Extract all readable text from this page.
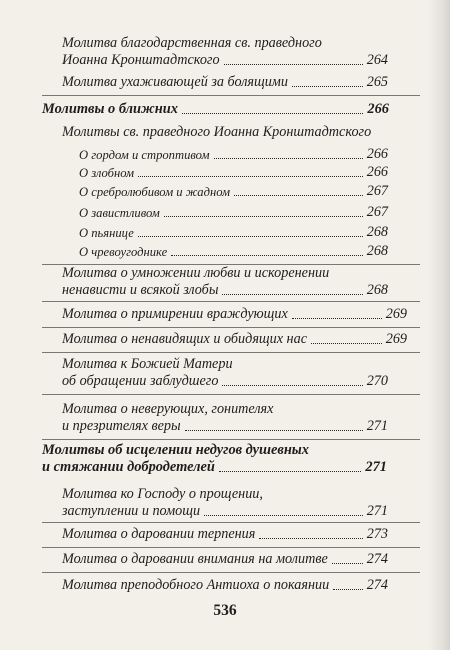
Молитва благодарственная св. праведного
Иоанна Кронштадтского	264
Молитва ухаживающей за болящими	265
Молитвы о ближних	266
Молитвы св. праведного Иоанна Кронштадтского
О гордом и строптивом	266
О злобном	266
О сребролюбивом и жадном	267
О завистливом	267
О пьянице	268
О чревоугоднике	268
Молитва о умножении любви и искоренении
ненависти и всякой злобы	268
Молитва о примирении враждующих	269
Молитва о ненавидящих и обидящих нас	269
Молитва к Божией Матери
об обращении заблудшего	270
Молитва о неверующих, гонителях
и презрителях веры	271
Молитвы об исцелении недугов душевных
и стяжании добродетелей	271
Молитва ко Господу о прощении,
заступлении и помощи	271
Молитва о даровании терпения	273
Молитва о даровании внимания на молитве	274
Молитва преподобного Антиоха о покаянии	274
536
